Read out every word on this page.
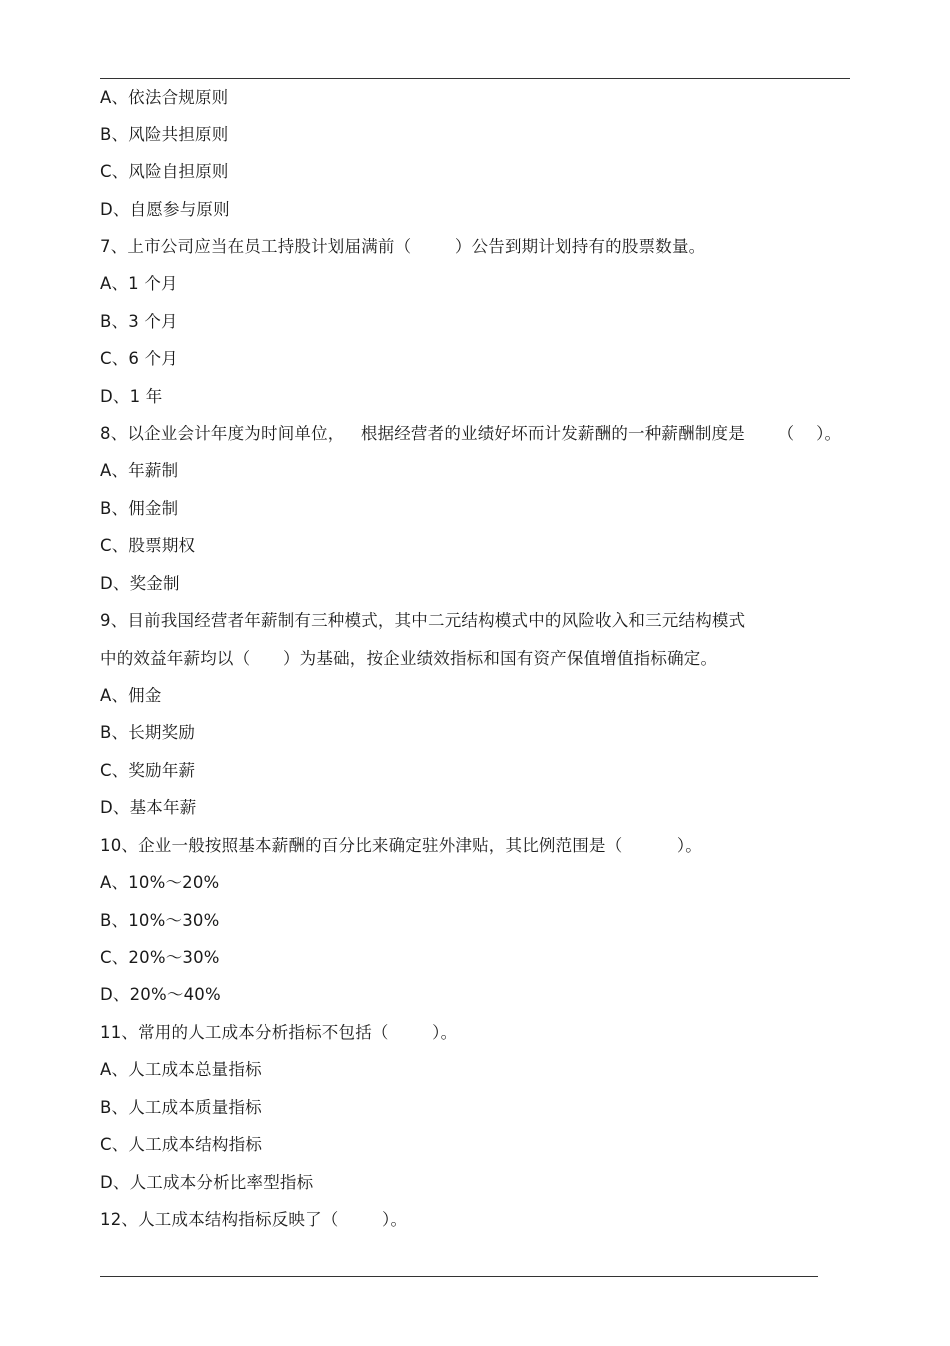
A、依法合规原则
B、风险共担原则
C、风险自担原则
D、自愿参与原则
7、上市公司应当在员工持股计划届满前（        ）公告到期计划持有的股票数量。
A、1 个月
B、3 个月
C、6 个月
D、1 年
8、以企业会计年度为时间单位，   根据经营者的业绩好坏而计发薪酬的一种薪酬制度是      （    ）。
A、年薪制
B、佣金制
C、股票期权
D、奖金制
9、目前我国经营者年薪制有三种模式，其中二元结构模式中的风险收入和三元结构模式
中的效益年薪均以（      ）为基础，按企业绩效指标和国有资产保值增值指标确定。
A、佣金
B、长期奖励
C、奖励年薪
D、基本年薪
10、企业一般按照基本薪酬的百分比来确定驻外津贴，其比例范围是（          ）。
A、10%～20%
B、10%～30%
C、20%～30%
D、20%～40%
11、常用的人工成本分析指标不包括（        ）。
A、人工成本总量指标
B、人工成本质量指标
C、人工成本结构指标
D、人工成本分析比率型指标
12、人工成本结构指标反映了（        ）。
